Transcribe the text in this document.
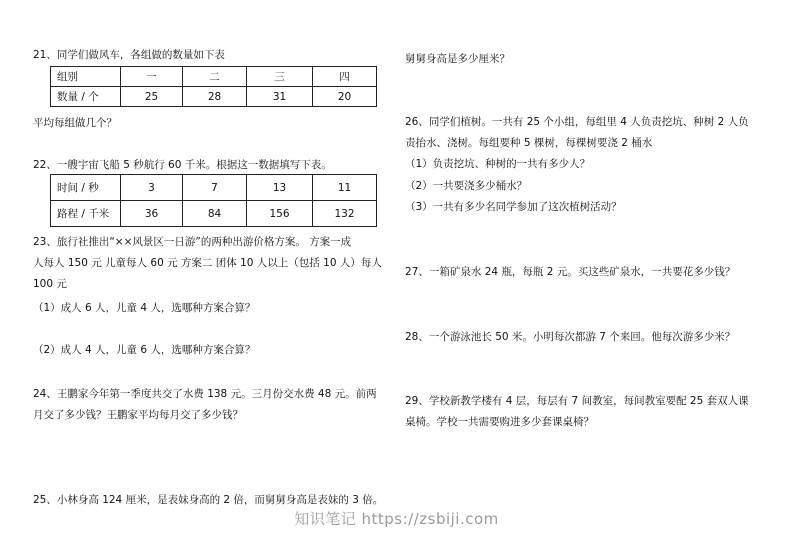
21、同学们做风车，各组做的数量如下表
组别	一	二	三	四
数量 / 个	25	28	31	20
平均每组做几个？
22、一艘宇宙飞船 5 秒航行 60 千米。根据这一数据填写下表。
时间 / 秒	3	7	13	11
路程 / 千米	36	84	156	132
23、旅行社推出“××风景区一日游”的两种出游价格方案。 方案一成
人每人 150 元 儿童每人 60 元 方案二 团体 10 人以上（包括 10 人）每人
100 元
（1）成人 6 人，儿童 4 人，选哪种方案合算？
（2）成人 4 人，儿童 6 人，选哪种方案合算？
24、王鹏家今年第一季度共交了水费 138 元。三月份交水费 48 元。前两
月交了多少钱？王鹏家平均每月交了多少钱？
25、小林身高 124 厘米，是表妹身高的 2 倍，而舅舅身高是表妹的 3 倍。
舅舅身高是多少厘米？
26、同学们植树。一共有 25 个小组，每组里 4 人负责挖坑、种树 2 人负
责抬水、浇树。每组要种 5 棵树，每棵树要浇 2 桶水
（1）负责挖坑、种树的一共有多少人？
（2）一共要浇多少桶水？
（3）一共有多少名同学参加了这次植树活动？
27、一箱矿泉水 24 瓶，每瓶 2 元。买这些矿泉水，一共要花多少钱？
28、一个游泳池长 50 米。小明每次都游 7 个来回。他每次游多少米？
29、学校新教学楼有 4 层，每层有 7 间教室，每间教室要配 25 套双人课
桌椅。学校一共需要购进多少套课桌椅？
知识笔记 https://zsbiji.com
